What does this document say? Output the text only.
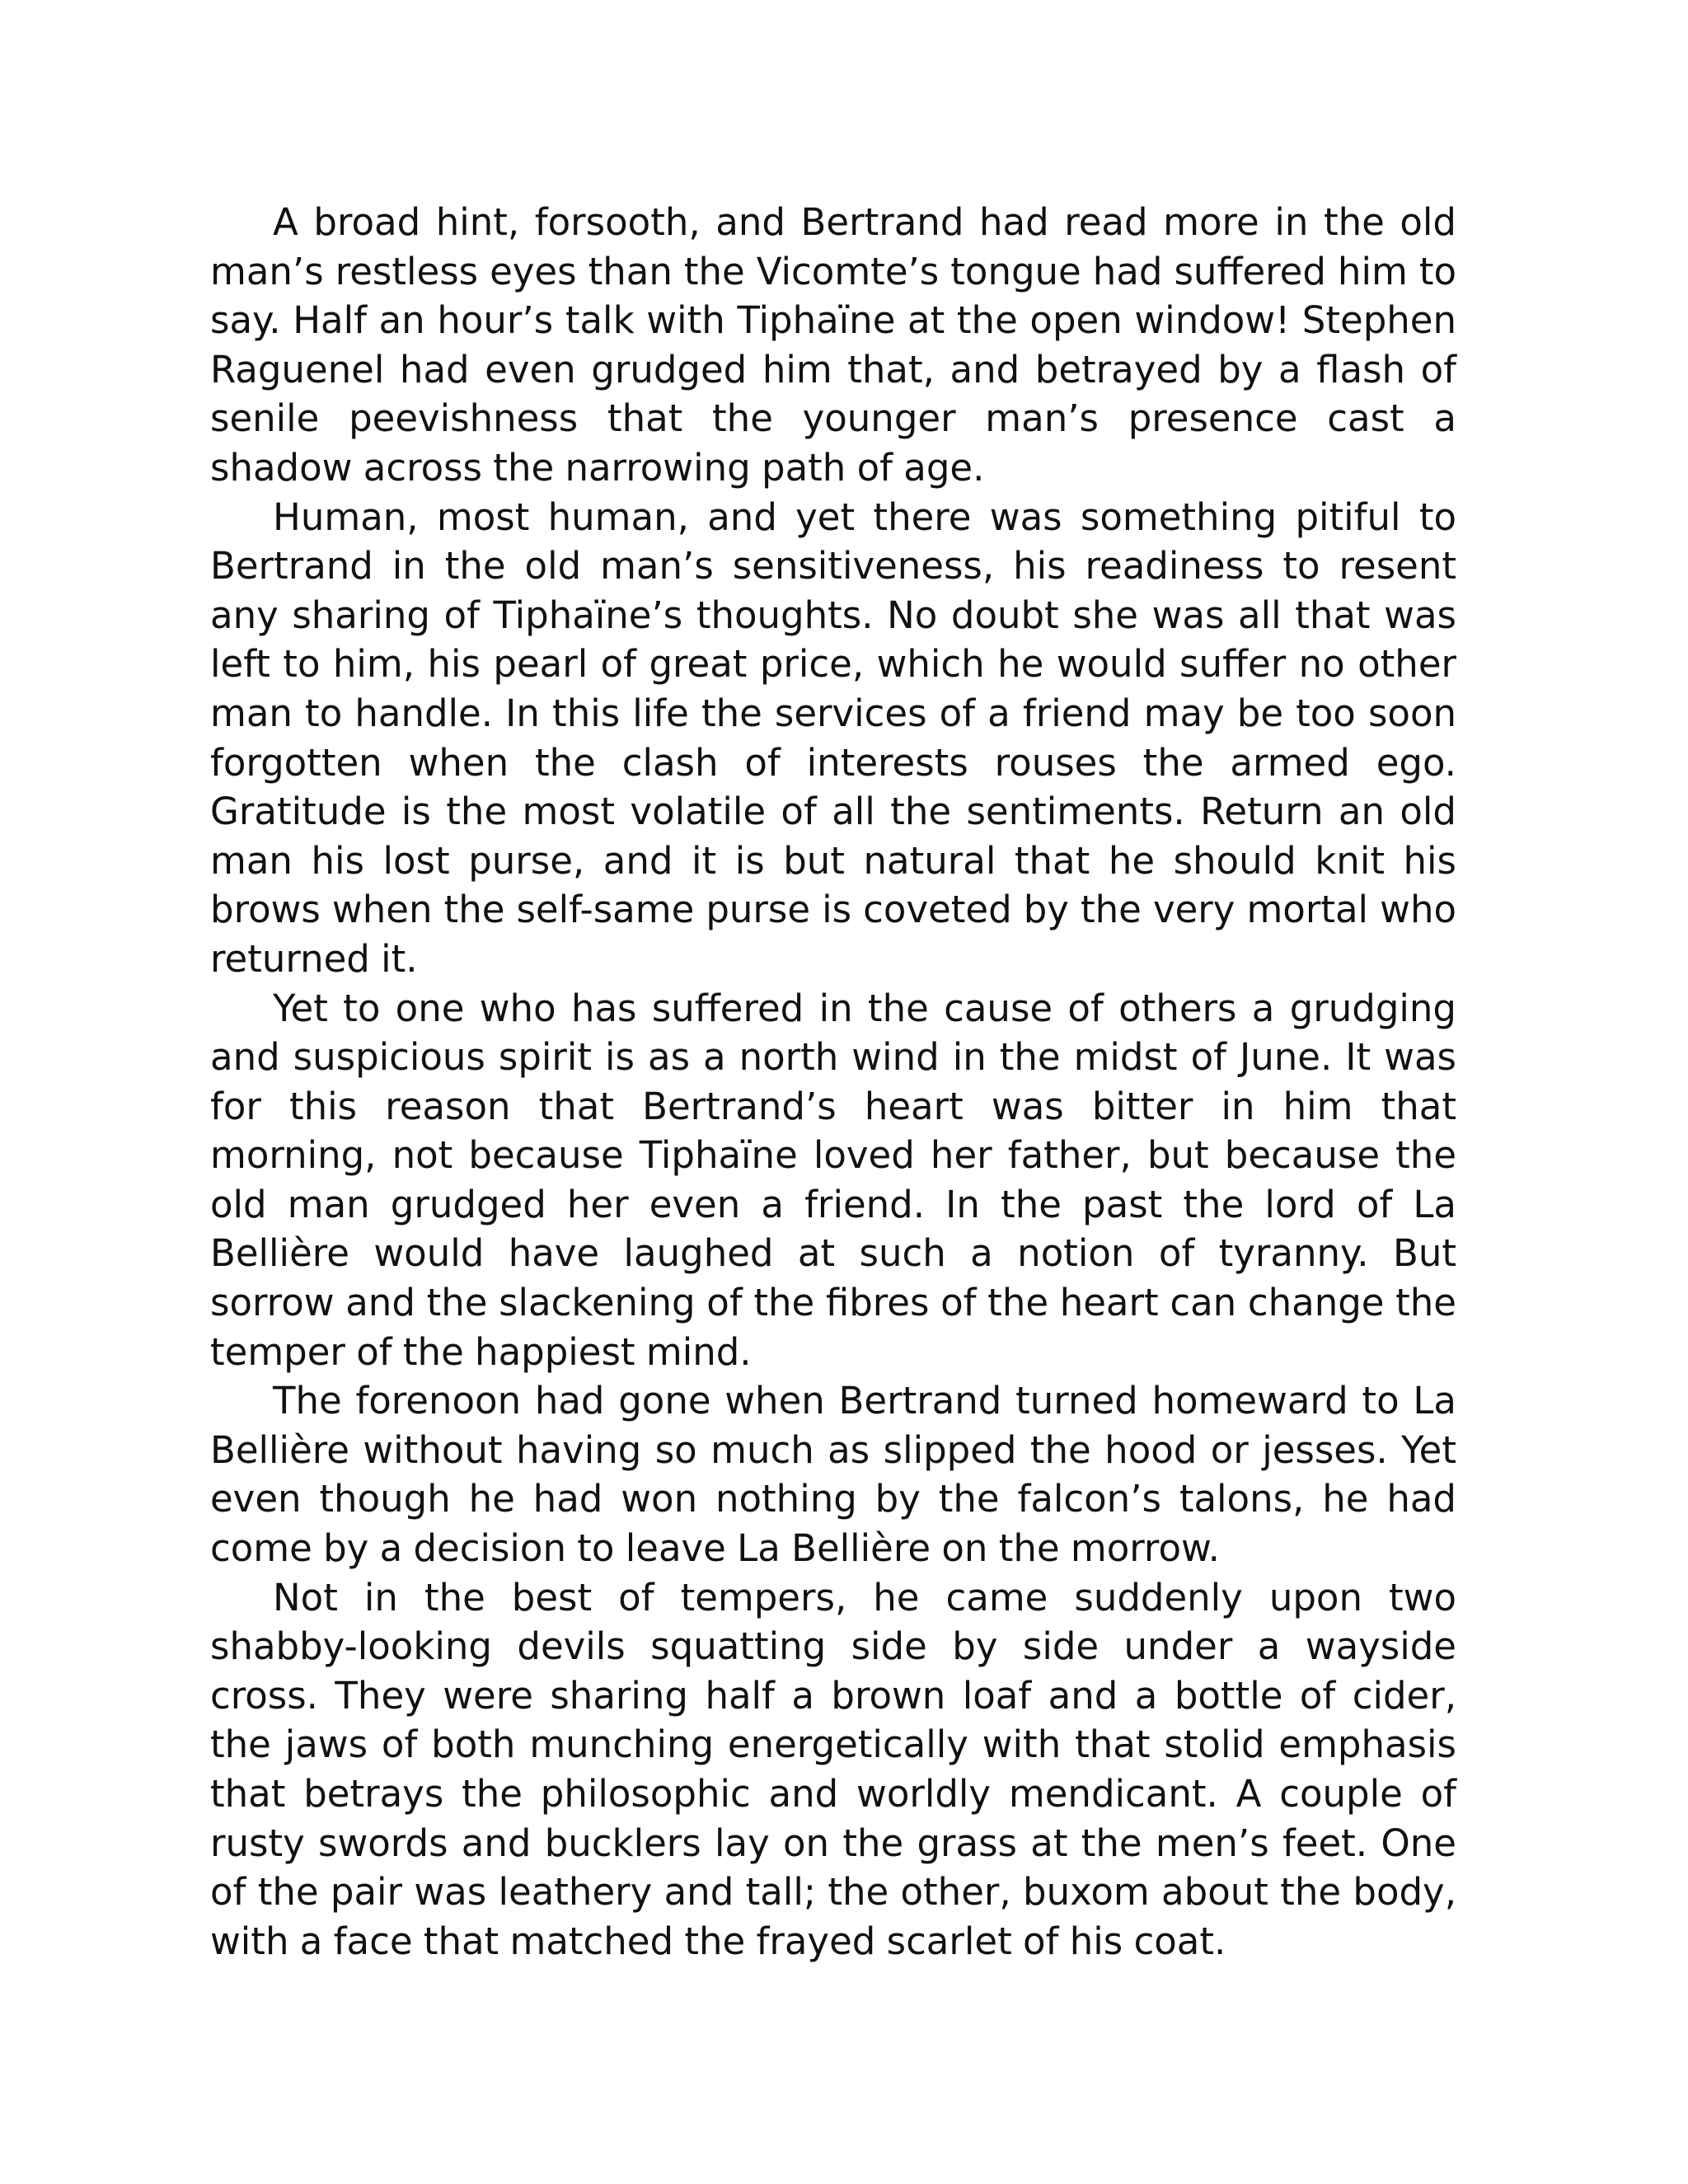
A broad hint, forsooth, and Bertrand had read more in the old man’s restless eyes than the Vicomte’s tongue had suffered him to say. Half an hour’s talk with Tiphaïne at the open window! Stephen Raguenel had even grudged him that, and betrayed by a flash of senile peevishness that the younger man’s presence cast a shadow across the narrowing path of age.

Human, most human, and yet there was something pitiful to Bertrand in the old man’s sensitiveness, his readiness to resent any sharing of Tiphaïne’s thoughts. No doubt she was all that was left to him, his pearl of great price, which he would suffer no other man to handle. In this life the services of a friend may be too soon forgotten when the clash of interests rouses the armed ego. Gratitude is the most volatile of all the sentiments. Return an old man his lost purse, and it is but natural that he should knit his brows when the self-same purse is coveted by the very mortal who returned it.

Yet to one who has suffered in the cause of others a grudging and suspicious spirit is as a north wind in the midst of June. It was for this reason that Bertrand’s heart was bitter in him that morning, not because Tiphaïne loved her father, but because the old man grudged her even a friend. In the past the lord of La Bellière would have laughed at such a notion of tyranny. But sorrow and the slackening of the fibres of the heart can change the temper of the happiest mind.

The forenoon had gone when Bertrand turned homeward to La Bellière without having so much as slipped the hood or jesses. Yet even though he had won nothing by the falcon’s talons, he had come by a decision to leave La Bellière on the morrow.

Not in the best of tempers, he came suddenly upon two shabby-looking devils squatting side by side under a wayside cross. They were sharing half a brown loaf and a bottle of cider, the jaws of both munching energetically with that stolid emphasis that betrays the philosophic and worldly mendicant. A couple of rusty swords and bucklers lay on the grass at the men’s feet. One of the pair was leathery and tall; the other, buxom about the body, with a face that matched the frayed scarlet of his coat.
